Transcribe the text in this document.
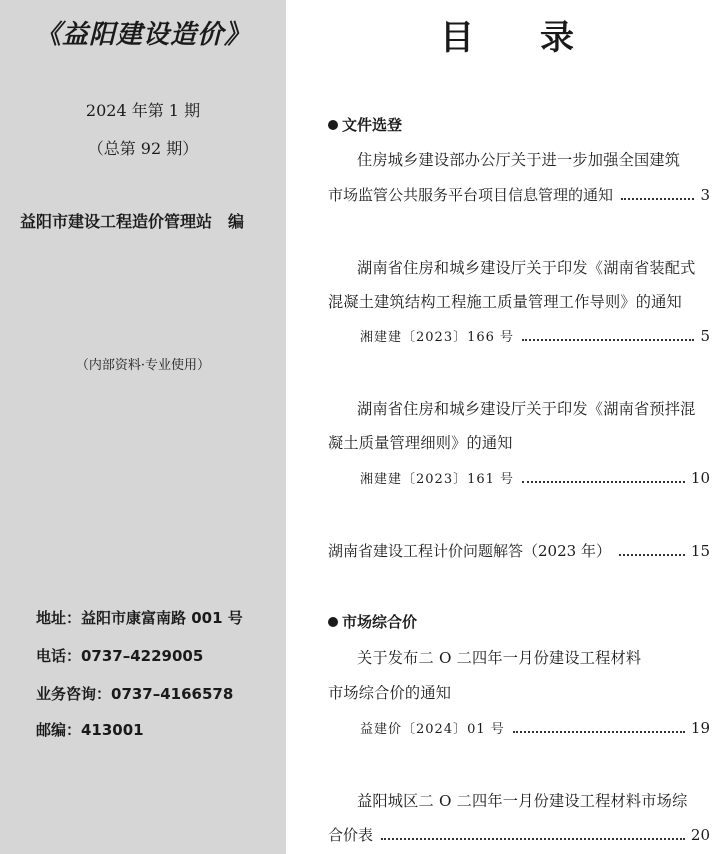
《益阳建设造价》
2024 年第 1 期
（总第 92 期）
益阳市建设工程造价管理站　编
（内部资料·专业使用）
地址：益阳市康富南路 001 号
电话：0737–4229005
业务咨询：0737–4166578
邮编：413001
目录
文件选登
住房城乡建设部办公厅关于进一步加强全国建筑
市场监管公共服务平台项目信息管理的通知	3
湖南省住房和城乡建设厅关于印发《湖南省装配式
混凝土建筑结构工程施工质量管理工作导则》的通知
湘建建〔2023〕166 号	5
湖南省住房和城乡建设厅关于印发《湖南省预拌混
凝土质量管理细则》的通知
湘建建〔2023〕161 号	10
湖南省建设工程计价问题解答（2023 年）	15
市场综合价
关于发布二 O 二四年一月份建设工程材料
市场综合价的通知
益建价〔2024〕01 号	19
益阳城区二 O 二四年一月份建设工程材料市场综
合价表	20
